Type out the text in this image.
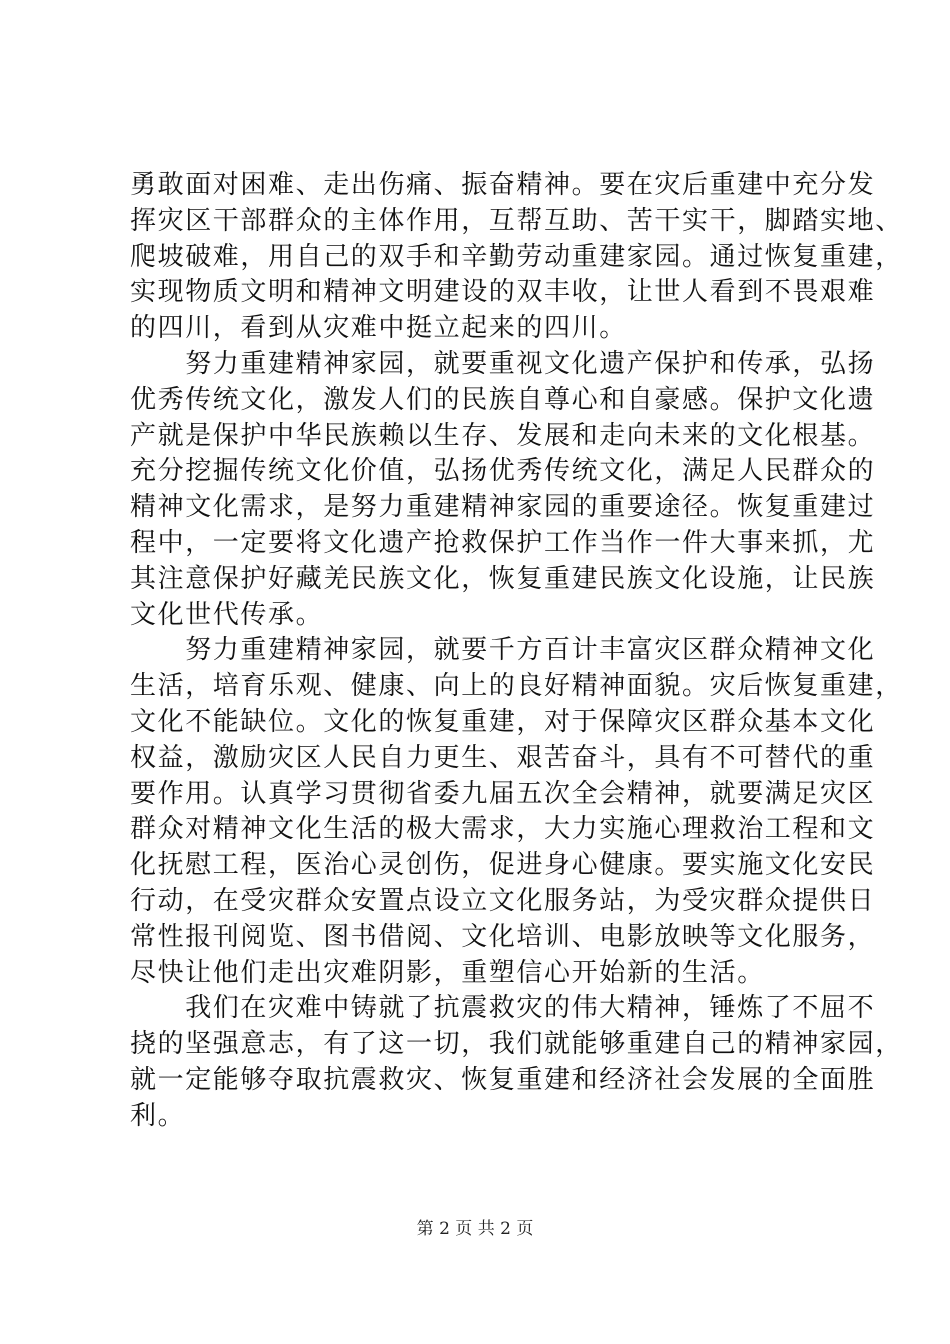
勇敢面对困难、走出伤痛、振奋精神。要在灾后重建中充分发
挥灾区干部群众的主体作用，互帮互助、苦干实干，脚踏实地、
爬坡破难，用自己的双手和辛勤劳动重建家园。通过恢复重建，
实现物质文明和精神文明建设的双丰收，让世人看到不畏艰难
的四川，看到从灾难中挺立起来的四川。
　　努力重建精神家园，就要重视文化遗产保护和传承，弘扬
优秀传统文化，激发人们的民族自尊心和自豪感。保护文化遗
产就是保护中华民族赖以生存、发展和走向未来的文化根基。
充分挖掘传统文化价值，弘扬优秀传统文化，满足人民群众的
精神文化需求，是努力重建精神家园的重要途径。恢复重建过
程中，一定要将文化遗产抢救保护工作当作一件大事来抓，尤
其注意保护好藏羌民族文化，恢复重建民族文化设施，让民族
文化世代传承。
　　努力重建精神家园，就要千方百计丰富灾区群众精神文化
生活，培育乐观、健康、向上的良好精神面貌。灾后恢复重建，
文化不能缺位。文化的恢复重建，对于保障灾区群众基本文化
权益，激励灾区人民自力更生、艰苦奋斗，具有不可替代的重
要作用。认真学习贯彻省委九届五次全会精神，就要满足灾区
群众对精神文化生活的极大需求，大力实施心理救治工程和文
化抚慰工程，医治心灵创伤，促进身心健康。要实施文化安民
行动，在受灾群众安置点设立文化服务站，为受灾群众提供日
常性报刊阅览、图书借阅、文化培训、电影放映等文化服务，
尽快让他们走出灾难阴影，重塑信心开始新的生活。
　　我们在灾难中铸就了抗震救灾的伟大精神，锤炼了不屈不
挠的坚强意志，有了这一切，我们就能够重建自己的精神家园，
就一定能够夺取抗震救灾、恢复重建和经济社会发展的全面胜
利。
第 2 页 共 2 页
